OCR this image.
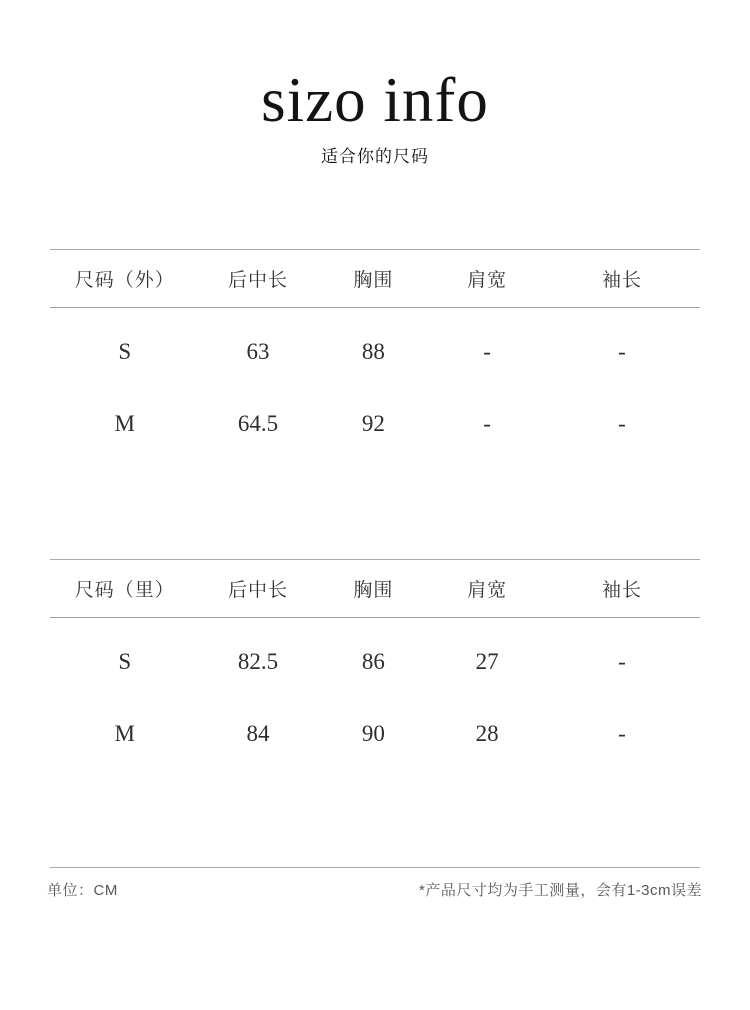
sizo info
适合你的尺码
尺码（外）	后中长	胸围	肩宽	袖长
S	63	88	-	-
M	64.5	92	-	-
尺码（里）	后中长	胸围	肩宽	袖长
S	82.5	86	27	-
M	84	90	28	-
单位：CM	*产品尺寸均为手工测量，会有1-3cm误差
